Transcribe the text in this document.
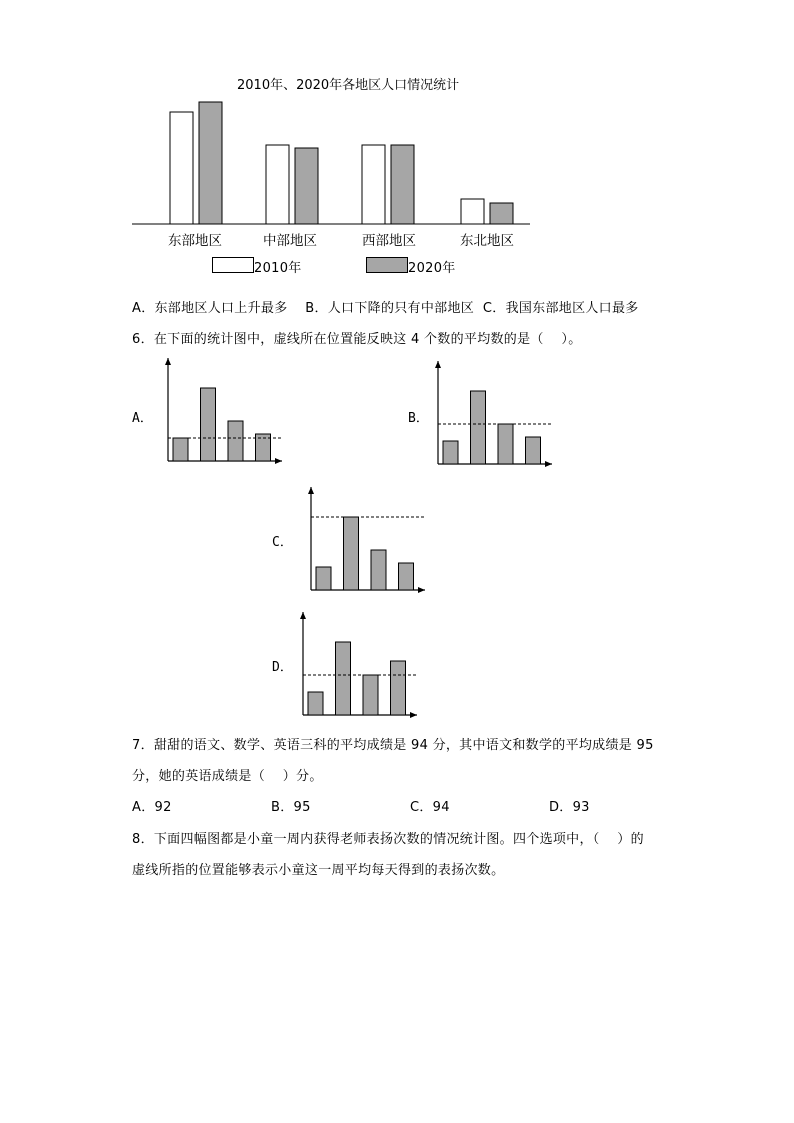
2010年、2020年各地区人口情况统计
东部地区	中部地区	西部地区	东北地区
2010年	2020年
A．东部地区人口上升最多    B．人口下降的只有中部地区  C．我国东部地区人口最多
6．在下面的统计图中，虚线所在位置能反映这 4 个数的平均数的是（    ）。
A．	B．
C．
D．
7．甜甜的语文、数学、英语三科的平均成绩是 94 分，其中语文和数学的平均成绩是 95
分，她的英语成绩是（    ）分。
A．92	B．95	C．94	D．93
8．下面四幅图都是小童一周内获得老师表扬次数的情况统计图。四个选项中，（    ）的
虚线所指的位置能够表示小童这一周平均每天得到的表扬次数。
